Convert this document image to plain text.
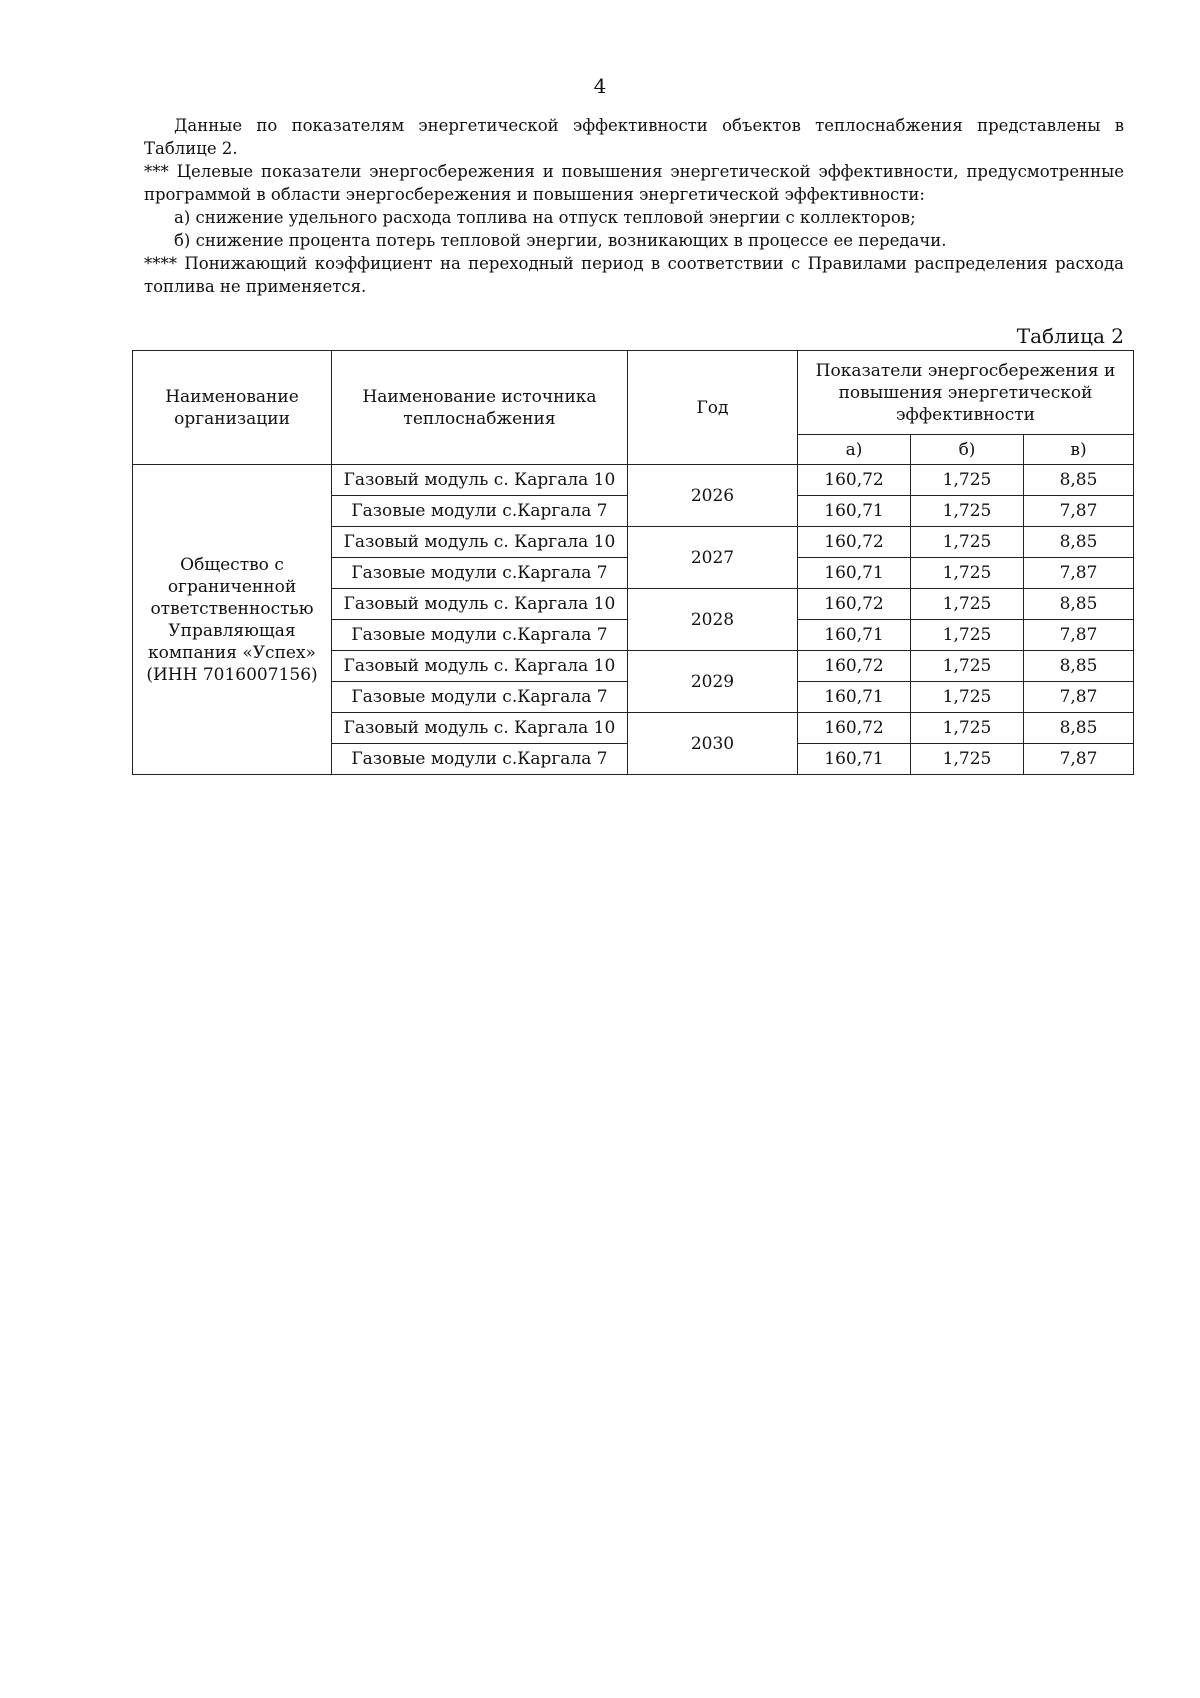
4

Данные по показателям энергетической эффективности объектов теплоснабжения представлены в Таблице 2.

*** Целевые показатели энергосбережения и повышения энергетической эффективности, предусмотренные программой в области энергосбережения и повышения энергетической эффективности:

а) снижение удельного расхода топлива на отпуск тепловой энергии с коллекторов;

б) снижение процента потерь тепловой энергии, возникающих в процессе ее передачи.

**** Понижающий коэффициент на переходный период в соответствии с Правилами распределения расхода топлива не применяется.

Таблица 2
Наименование организации	Наименование источника теплоснабжения	Год	Показатели энергосбережения и повышения энергетической эффективности		
			а)	б)	в)
Общество с ограниченной ответственностью Управляющая компания «Успех» (ИНН 7016007156)	Газовый модуль с. Каргала 10	2026	160,72	1,725	8,85
	Газовые модули с.Каргала 7		160,71	1,725	7,87
	Газовый модуль с. Каргала 10	2027	160,72	1,725	8,85
	Газовые модули с.Каргала 7		160,71	1,725	7,87
	Газовый модуль с. Каргала 10	2028	160,72	1,725	8,85
	Газовые модули с.Каргала 7		160,71	1,725	7,87
	Газовый модуль с. Каргала 10	2029	160,72	1,725	8,85
	Газовые модули с.Каргала 7		160,71	1,725	7,87
	Газовый модуль с. Каргала 10	2030	160,72	1,725	8,85
	Газовые модули с.Каргала 7		160,71	1,725	7,87
